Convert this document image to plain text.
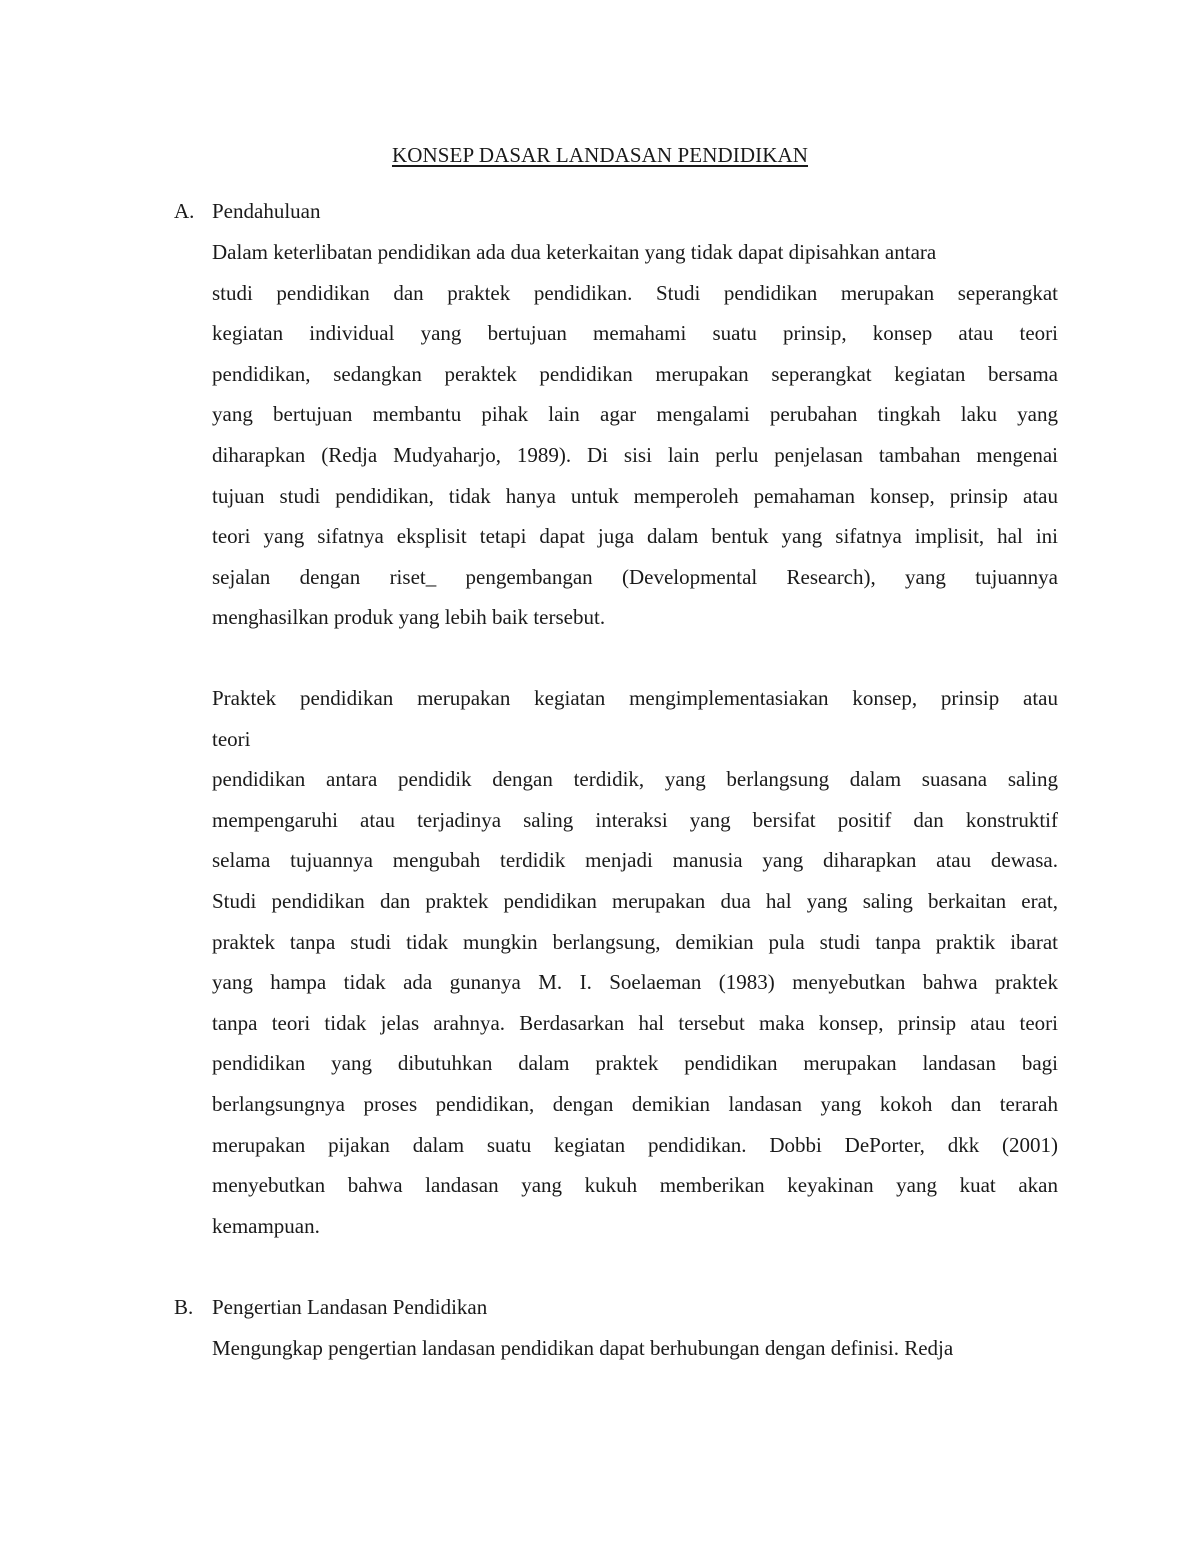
KONSEP DASAR LANDASAN PENDIDIKAN
A. Pendahuluan
Dalam keterlibatan pendidikan ada dua keterkaitan yang tidak dapat dipisahkan antara
studi pendidikan dan praktek pendidikan. Studi pendidikan merupakan seperangkat
kegiatan individual yang bertujuan memahami suatu prinsip, konsep atau teori
pendidikan, sedangkan peraktek pendidikan merupakan seperangkat kegiatan bersama
yang bertujuan membantu pihak lain agar mengalami perubahan tingkah laku yang
diharapkan (Redja Mudyaharjo, 1989). Di sisi lain perlu penjelasan tambahan mengenai
tujuan studi pendidikan, tidak hanya untuk memperoleh pemahaman konsep, prinsip atau
teori yang sifatnya eksplisit tetapi dapat juga dalam bentuk yang sifatnya implisit, hal ini
sejalan dengan riset_ pengembangan (Developmental Research), yang tujuannya
menghasilkan produk yang lebih baik tersebut.
Praktek pendidikan merupakan kegiatan mengimplementasiakan konsep, prinsip atau
teori
pendidikan antara pendidik dengan terdidik, yang berlangsung dalam suasana saling
mempengaruhi atau terjadinya saling interaksi yang bersifat positif dan konstruktif
selama tujuannya mengubah terdidik menjadi manusia yang diharapkan atau dewasa.
Studi pendidikan dan praktek pendidikan merupakan dua hal yang saling berkaitan erat,
praktek tanpa studi tidak mungkin berlangsung, demikian pula studi tanpa praktik ibarat
yang hampa tidak ada gunanya M. I. Soelaeman (1983) menyebutkan bahwa praktek
tanpa teori tidak jelas arahnya. Berdasarkan hal tersebut maka konsep, prinsip atau teori
pendidikan yang dibutuhkan dalam praktek pendidikan merupakan landasan bagi
berlangsungnya proses pendidikan, dengan demikian landasan yang kokoh dan terarah
merupakan pijakan dalam suatu kegiatan pendidikan. Dobbi DePorter, dkk (2001)
menyebutkan bahwa landasan yang kukuh memberikan keyakinan yang kuat akan
kemampuan.
B. Pengertian Landasan Pendidikan
Mengungkap pengertian landasan pendidikan dapat berhubungan dengan definisi. Redja
